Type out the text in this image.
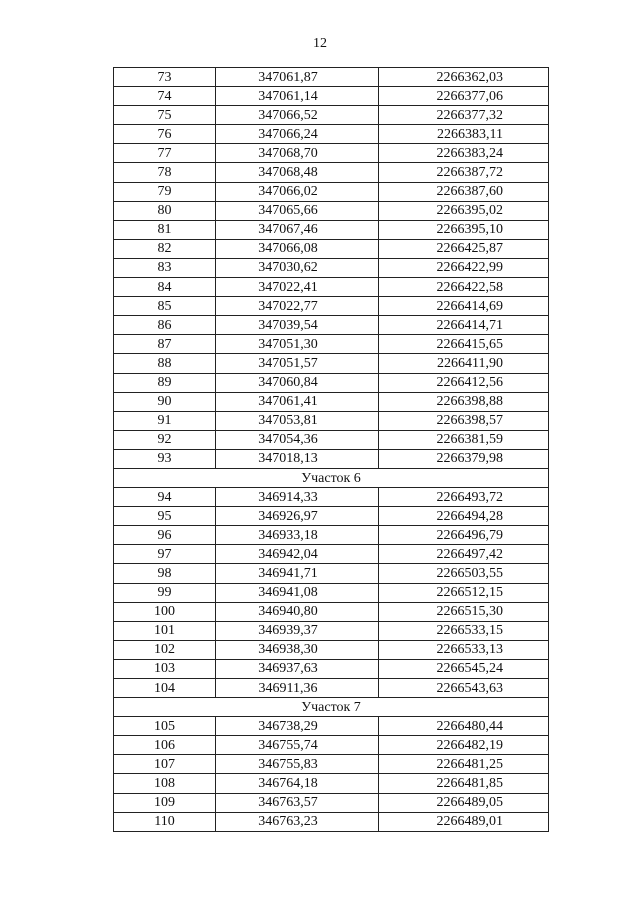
12
73	347061,87	2266362,03
74	347061,14	2266377,06
75	347066,52	2266377,32
76	347066,24	2266383,11
77	347068,70	2266383,24
78	347068,48	2266387,72
79	347066,02	2266387,60
80	347065,66	2266395,02
81	347067,46	2266395,10
82	347066,08	2266425,87
83	347030,62	2266422,99
84	347022,41	2266422,58
85	347022,77	2266414,69
86	347039,54	2266414,71
87	347051,30	2266415,65
88	347051,57	2266411,90
89	347060,84	2266412,56
90	347061,41	2266398,88
91	347053,81	2266398,57
92	347054,36	2266381,59
93	347018,13	2266379,98
Участок 6		
94	346914,33	2266493,72
95	346926,97	2266494,28
96	346933,18	2266496,79
97	346942,04	2266497,42
98	346941,71	2266503,55
99	346941,08	2266512,15
100	346940,80	2266515,30
101	346939,37	2266533,15
102	346938,30	2266533,13
103	346937,63	2266545,24
104	346911,36	2266543,63
Участок 7		
105	346738,29	2266480,44
106	346755,74	2266482,19
107	346755,83	2266481,25
108	346764,18	2266481,85
109	346763,57	2266489,05
110	346763,23	2266489,01
